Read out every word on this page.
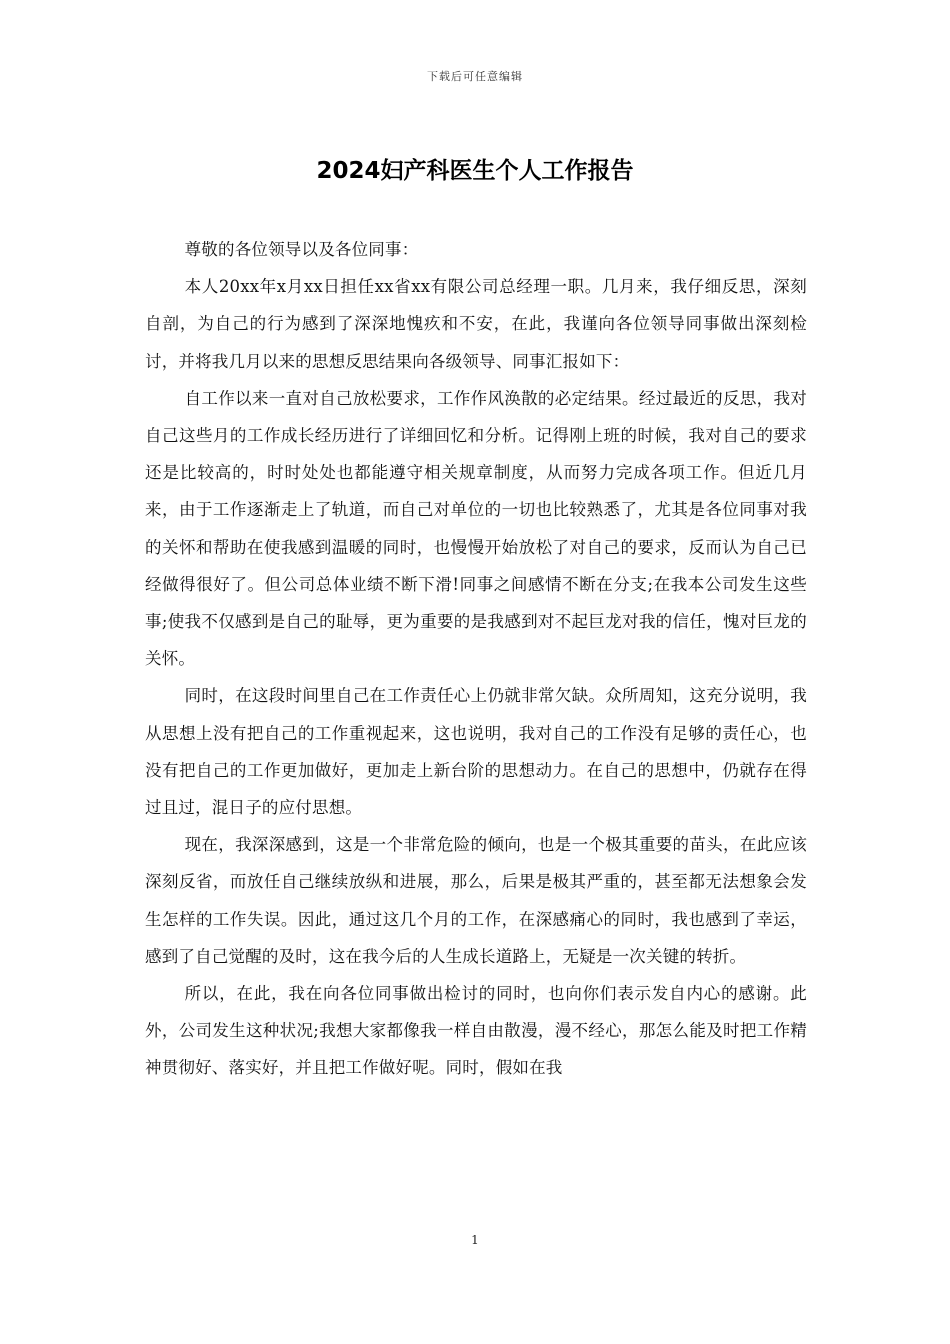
下载后可任意编辑
2024妇产科医生个人工作报告

尊敬的各位领导以及各位同事：

本人20xx年x月xx日担任xx省xx有限公司总经理一职。几月来，我仔细反思，深刻自剖，为自己的行为感到了深深地愧疚和不安，在此，我谨向各位领导同事做出深刻检讨，并将我几月以来的思想反思结果向各级领导、同事汇报如下：

自工作以来一直对自己放松要求，工作作风涣散的必定结果。经过最近的反思，我对自己这些月的工作成长经历进行了详细回忆和分析。记得刚上班的时候，我对自己的要求还是比较高的，时时处处也都能遵守相关规章制度，从而努力完成各项工作。但近几月来，由于工作逐渐走上了轨道，而自己对单位的一切也比较熟悉了，尤其是各位同事对我的关怀和帮助在使我感到温暖的同时，也慢慢开始放松了对自己的要求，反而认为自己已经做得很好了。但公司总体业绩不断下滑!同事之间感情不断在分支;在我本公司发生这些事;使我不仅感到是自己的耻辱，更为重要的是我感到对不起巨龙对我的信任，愧对巨龙的关怀。

同时，在这段时间里自己在工作责任心上仍就非常欠缺。众所周知，这充分说明，我从思想上没有把自己的工作重视起来，这也说明，我对自己的工作没有足够的责任心，也没有把自己的工作更加做好，更加走上新台阶的思想动力。在自己的思想中，仍就存在得过且过，混日子的应付思想。

现在，我深深感到，这是一个非常危险的倾向，也是一个极其重要的苗头，在此应该深刻反省，而放任自己继续放纵和进展，那么，后果是极其严重的，甚至都无法想象会发生怎样的工作失误。因此，通过这几个月的工作，在深感痛心的同时，我也感到了幸运，感到了自己觉醒的及时，这在我今后的人生成长道路上，无疑是一次关键的转折。

所以，在此，我在向各位同事做出检讨的同时，也向你们表示发自内心的感谢。此外，公司发生这种状况;我想大家都像我一样自由散漫，漫不经心，那怎么能及时把工作精神贯彻好、落实好，并且把工作做好呢。同时，假如在我

1
